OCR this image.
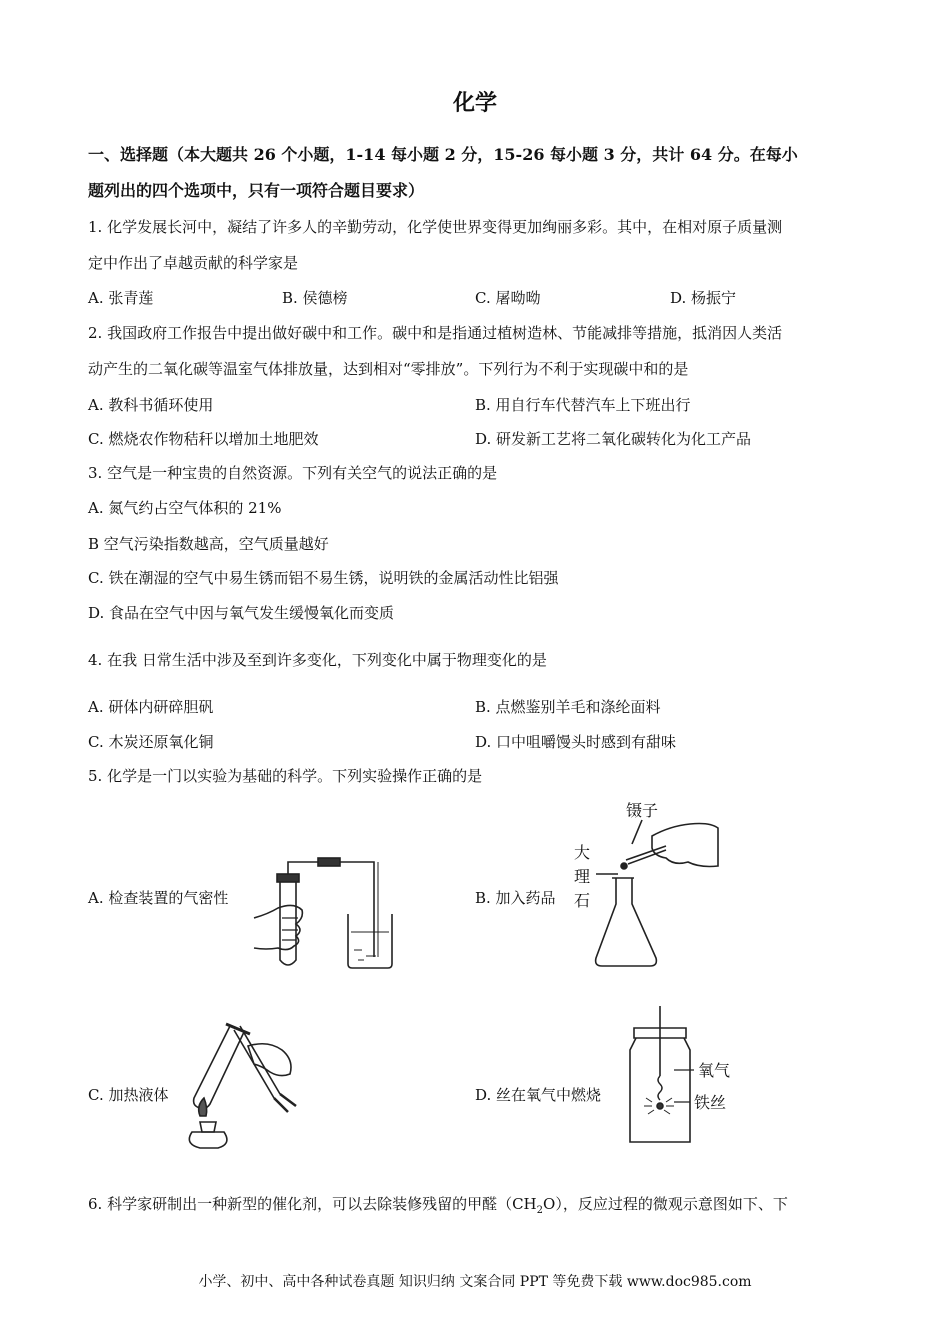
化学
一、选择题（本大题共 26 个小题，1-14 每小题 2 分，15-26 每小题 3 分，共计 64 分。在每小
题列出的四个选项中，只有一项符合题目要求）
1. 化学发展长河中，凝结了许多人的辛勤劳动，化学使世界变得更加绚丽多彩。其中，在相对原子质量测
定中作出了卓越贡献的科学家是
A. 张青莲	B. 侯德榜	C. 屠呦呦	D. 杨振宁
2. 我国政府工作报告中提出做好碳中和工作。碳中和是指通过植树造林、节能减排等措施，抵消因人类活
动产生的二氧化碳等温室气体排放量，达到相对“零排放”。下列行为不利于实现碳中和的是
A. 教科书循环使用	B. 用自行车代替汽车上下班出行
C. 燃烧农作物秸秆以增加土地肥效	D. 研发新工艺将二氧化碳转化为化工产品
3. 空气是一种宝贵的自然资源。下列有关空气的说法正确的是
A. 氮气约占空气体积的 21%
B 空气污染指数越高，空气质量越好
C. 铁在潮湿的空气中易生锈而铝不易生锈，说明铁的金属活动性比铝强
D. 食品在空气中因与氧气发生缓慢氧化而变质
4. 在我 日常生活中涉及至到许多变化，下列变化中属于物理变化的是
A. 研体内研碎胆矾	B. 点燃鉴别羊毛和涤纶面料
C. 木炭还原氧化铜	D. 口中咀嚼馒头时感到有甜味
5. 化学是一门以实验为基础的科学。下列实验操作正确的是
A. 检查装置的气密性	B. 加入药品
C. 加热液体	D. 丝在氧气中燃烧
镊子
大
理
石
氧气
铁丝
6. 科学家研制出一种新型的催化剂，可以去除装修残留的甲醛$(CH_2O)$，反应过程的微观示意图如下、下
小学、初中、高中各种试卷真题 知识归纳 文案合同 PPT 等免费下载 www.doc985.com
